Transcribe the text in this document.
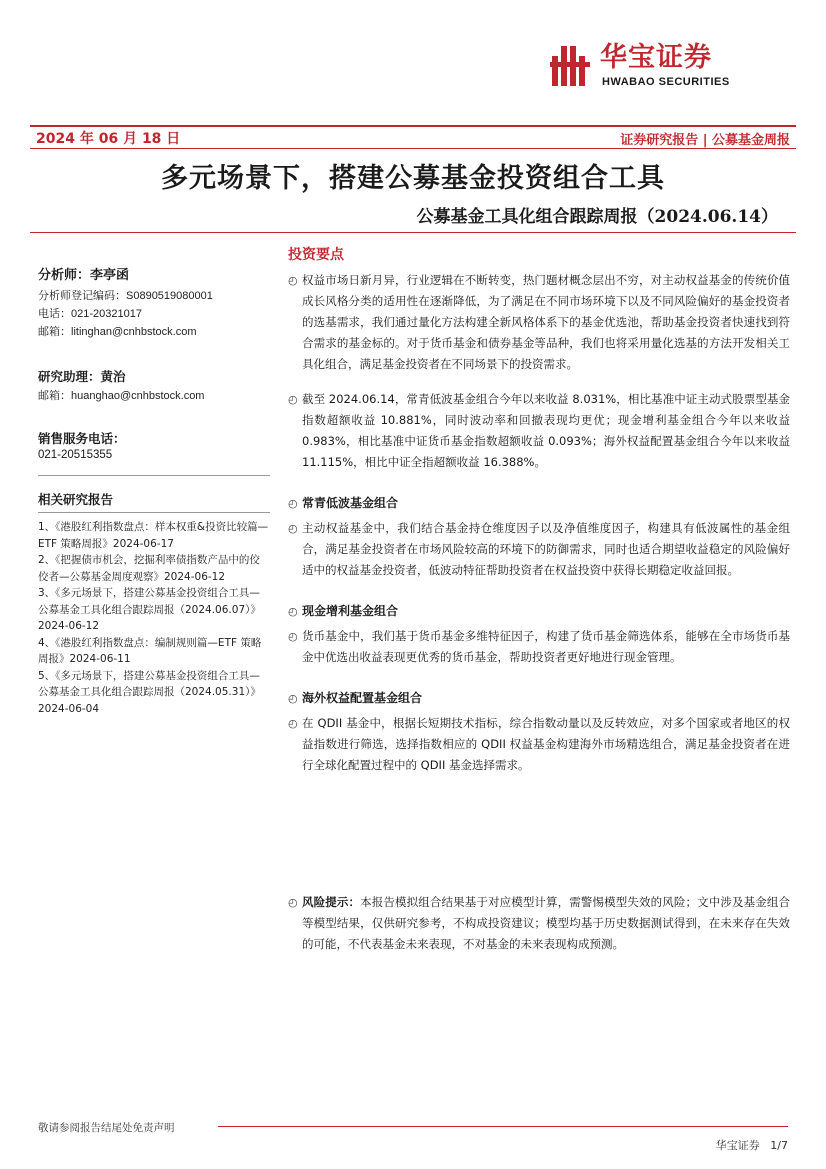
华宝证券
HWABAO SECURITIES
2024 年 06 月 18 日	证券研究报告 | 公募基金周报
多元场景下，搭建公募基金投资组合工具
公募基金工具化组合跟踪周报（2024.06.14）
分析师：李亭函
分析师登记编码：S0890519080001
电话：021-20321017
邮箱：litinghan@cnhbstock.com
研究助理：黄治
邮箱：huanghao@cnhbstock.com
销售服务电话：
021-20515355
相关研究报告
1、《港股红利指数盘点：样本权重&投资比较篇—ETF 策略周报》2024-06-17
2、《把握债市机会，挖掘利率债指数产品中的佼佼者—公募基金周度观察》2024-06-12
3、《多元场景下，搭建公募基金投资组合工具—公募基金工具化组合跟踪周报（2024.06.07）》2024-06-12
4、《港股红利指数盘点：编制规则篇—ETF 策略周报》2024-06-11
5、《多元场景下，搭建公募基金投资组合工具—公募基金工具化组合跟踪周报（2024.05.31）》2024-06-04
投资要点
◴ 权益市场日新月异，行业逻辑在不断转变，热门题材概念层出不穷，对主动权益基金的传统价值成长风格分类的适用性在逐渐降低，为了满足在不同市场环境下以及不同风险偏好的基金投资者的选基需求，我们通过量化方法构建全新风格体系下的基金优选池，帮助基金投资者快速找到符合需求的基金标的。对于货币基金和债券基金等品种，我们也将采用量化选基的方法开发相关工具化组合，满足基金投资者在不同场景下的投资需求。
◴ 截至 2024.06.14，常青低波基金组合今年以来收益 8.031%，相比基准中证主动式股票型基金指数超额收益 10.881%，同时波动率和回撤表现均更优；现金增利基金组合今年以来收益 0.983%，相比基准中证货币基金指数超额收益 0.093%；海外权益配置基金组合今年以来收益 11.115%，相比中证全指超额收益 16.388%。
◴ 常青低波基金组合
◴ 主动权益基金中，我们结合基金持仓维度因子以及净值维度因子，构建具有低波属性的基金组合，满足基金投资者在市场风险较高的环境下的防御需求，同时也适合期望收益稳定的风险偏好适中的权益基金投资者，低波动特征帮助投资者在权益投资中获得长期稳定收益回报。
◴ 现金增利基金组合
◴ 货币基金中，我们基于货币基金多维特征因子，构建了货币基金筛选体系，能够在全市场货币基金中优选出收益表现更优秀的货币基金，帮助投资者更好地进行现金管理。
◴ 海外权益配置基金组合
◴ 在 QDII 基金中，根据长短期技术指标，综合指数动量以及反转效应，对多个国家或者地区的权益指数进行筛选，选择指数相应的 QDII 权益基金构建海外市场精选组合，满足基金投资者在进行全球化配置过程中的 QDII 基金选择需求。
◴ 风险提示：本报告模拟组合结果基于对应模型计算，需警惕模型失效的风险；文中涉及基金组合等模型结果，仅供研究参考，不构成投资建议；模型均基于历史数据测试得到，在未来存在失效的可能，不代表基金未来表现，不对基金的未来表现构成预测。
敬请参阅报告结尾处免责声明
华宝证券 1/7
